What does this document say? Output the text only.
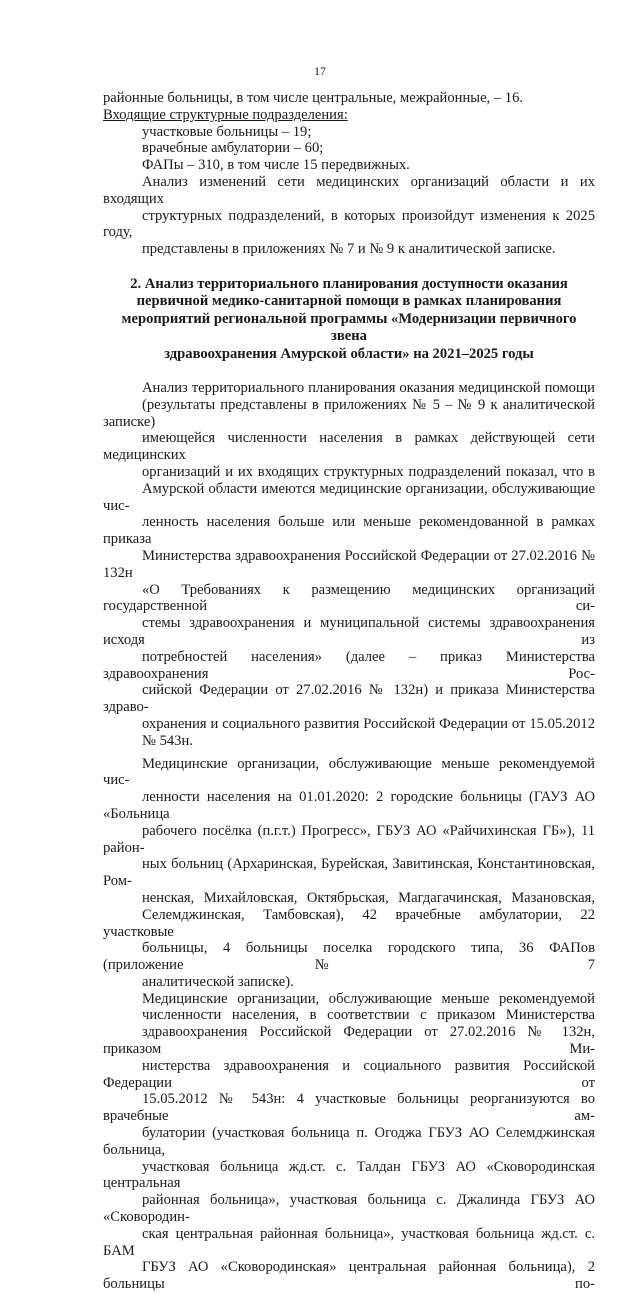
17

районные больницы, в том числе центральные, межрайонные, – 16.

Входящие структурные подразделения:

участковые больницы – 19;

врачебные амбулатории – 60;

ФАПы – 310, в том числе 15 передвижных.

Анализ изменений сети медицинских организаций области и их входящих
структурных подразделений, в которых произойдут изменения к 2025 году,
представлены в приложениях № 7 и № 9 к аналитической записке.

2. Анализ территориального планирования доступности оказания
первичной медико-санитарной помощи в рамках планирования
мероприятий региональной программы «Модернизации первичного звена
здравоохранения Амурской области» на 2021–2025 годы

Анализ территориального планирования оказания медицинской помощи
(результаты представлены в приложениях № 5 – № 9 к аналитической записке)
имеющейся численности населения в рамках действующей сети медицинских
организаций и их входящих структурных подразделений показал, что в
Амурской области имеются медицинские организации, обслуживающие чис-
ленность населения больше или меньше рекомендованной в рамках приказа
Министерства здравоохранения Российской Федерации от 27.02.2016 № 132н
«О Требованиях к размещению медицинских организаций государственной си-
стемы здравоохранения и муниципальной системы здравоохранения исходя из
потребностей населения» (далее – приказ Министерства здравоохранения Рос-
сийской Федерации от 27.02.2016 № 132н) и приказа Министерства здраво-
охранения и социального развития Российской Федерации от 15.05.2012
№ 543н.
Медицинские организации, обслуживающие меньше рекомендуемой чис-
ленности населения на 01.01.2020: 2 городские больницы (ГАУЗ АО «Больница
рабочего посёлка (п.г.т.) Прогресс», ГБУЗ АО «Райчихинская ГБ»), 11 район-
ных больниц (Архаринская, Бурейская, Завитинская, Константиновская, Ром-
ненская, Михайловская, Октябрьская, Магдагачинская, Мазановская,
Селемджинская, Тамбовская), 42 врачебные амбулатории, 22 участковые
больницы, 4 больницы поселка городского типа, 36 ФАПов (приложение № 7
аналитической записке).
Медицинские организации, обслуживающие меньше рекомендуемой
численности населения, в соответствии с приказом Министерства
здравоохранения Российской Федерации от 27.02.2016 № 132н, приказом Ми-
нистерства здравоохранения и социального развития Российской Федерации от
15.05.2012 № 543н: 4 участковые больницы реорганизуются во врачебные ам-
булатории (участковая больница п. Огоджа ГБУЗ АО Селемджинская больница,
участковая больница жд.ст. с. Талдан ГБУЗ АО «Сковородинская центральная
районная больница», участковая больница с. Джалинда ГБУЗ АО «Сковородин-
ская центральная районная больница», участковая больница жд.ст. с. БАМ
ГБУЗ АО «Сковородинская» центральная районная больница), 2 больницы по-
